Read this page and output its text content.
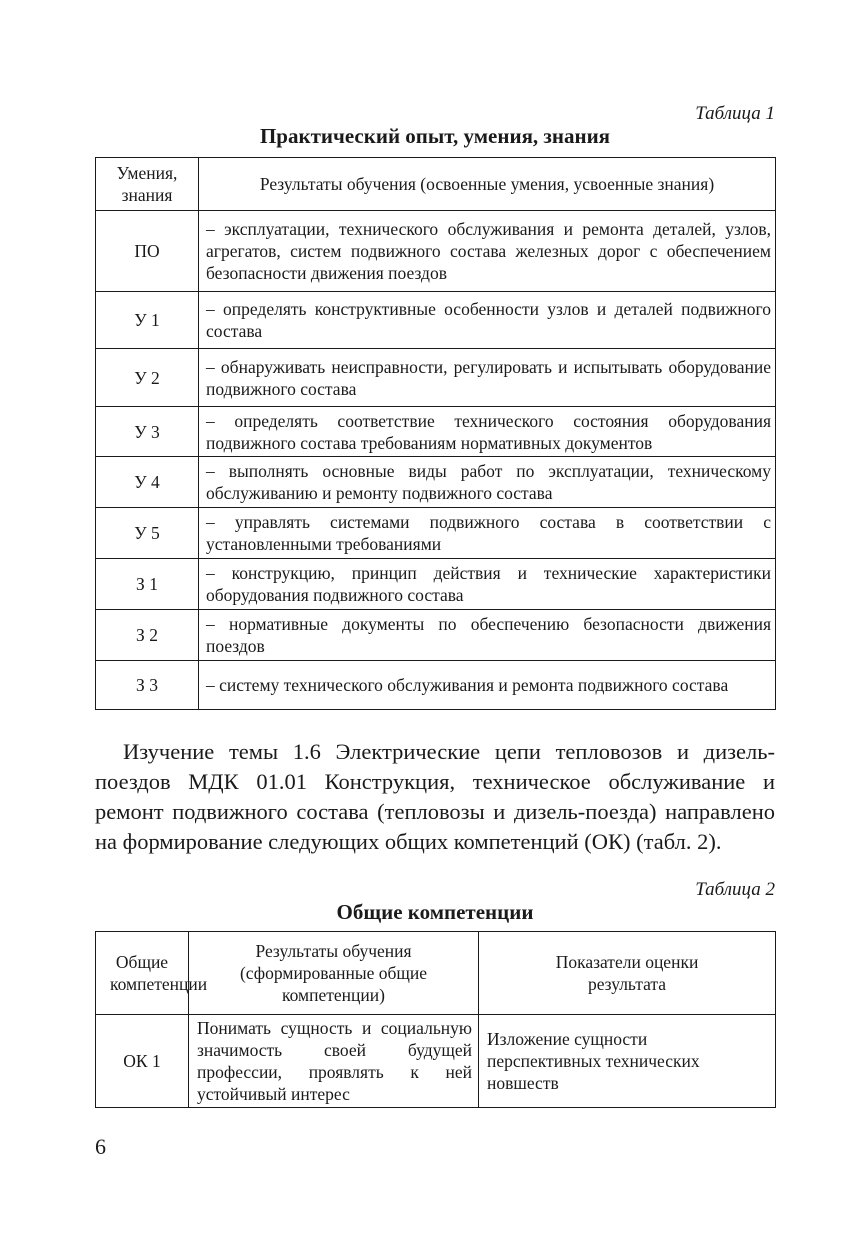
Таблица 1
Практический опыт, умения, знания
Умения, знания	Результаты обучения (освоенные умения, усвоенные знания)
ПО	– эксплуатации, технического обслуживания и ремонта деталей, узлов, агрегатов, систем подвижного состава железных дорог с обеспечением безопасности движения поездов
У 1	– определять конструктивные особенности узлов и деталей подвижного состава
У 2	– обнаруживать неисправности, регулировать и испытывать оборудование подвижного состава
У 3	– определять соответствие технического состояния оборудования подвижного состава требованиям нормативных документов
У 4	– выполнять основные виды работ по эксплуатации, техническому обслуживанию и ремонту подвижного состава
У 5	– управлять системами подвижного состава в соответствии с установленными требованиями
З 1	– конструкцию, принцип действия и технические характеристики оборудования подвижного состава
З 2	– нормативные документы по обеспечению безопасности движения поездов
З 3	– систему технического обслуживания и ремонта подвижного состава

Изучение темы 1.6 Электрические цепи тепловозов и дизель-поездов МДК 01.01 Конструкция, техническое обслуживание и ремонт подвижного состава (тепловозы и дизель-поезда) направлено на формирование следующих общих компетенций (ОК) (табл. 2).

Таблица 2
Общие компетенции
Общие компетенции	Результаты обучения (сформированные общие компетенции)	Показатели оценки результата
ОК 1	Понимать сущность и социальную значимость своей будущей профессии, проявлять к ней устойчивый интерес	Изложение сущности перспективных технических новшеств
6
